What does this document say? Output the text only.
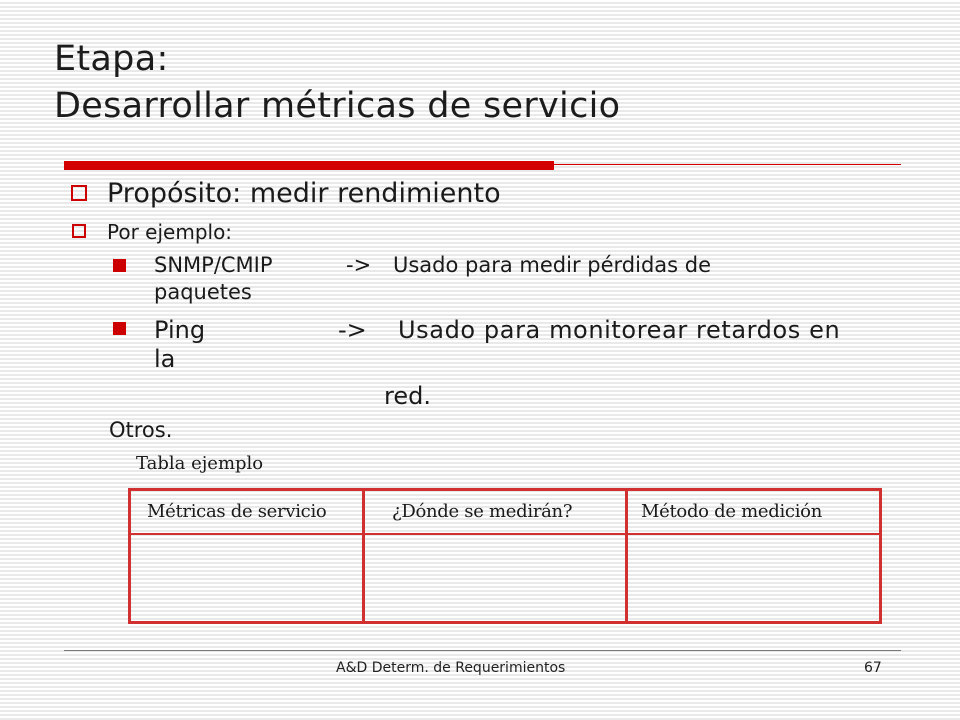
Etapa:
Desarrollar métricas de servicio
Propósito: medir rendimiento
Por ejemplo:
SNMP/CMIP	-> Usado para medir pérdidas de
paquetes
Ping	-> Usado para monitorear retardos en
la
red.
Otros.
Tabla ejemplo
Métricas de servicio	¿Dónde se medirán?	Método de medición
A&D Determ. de Requerimientos	67
